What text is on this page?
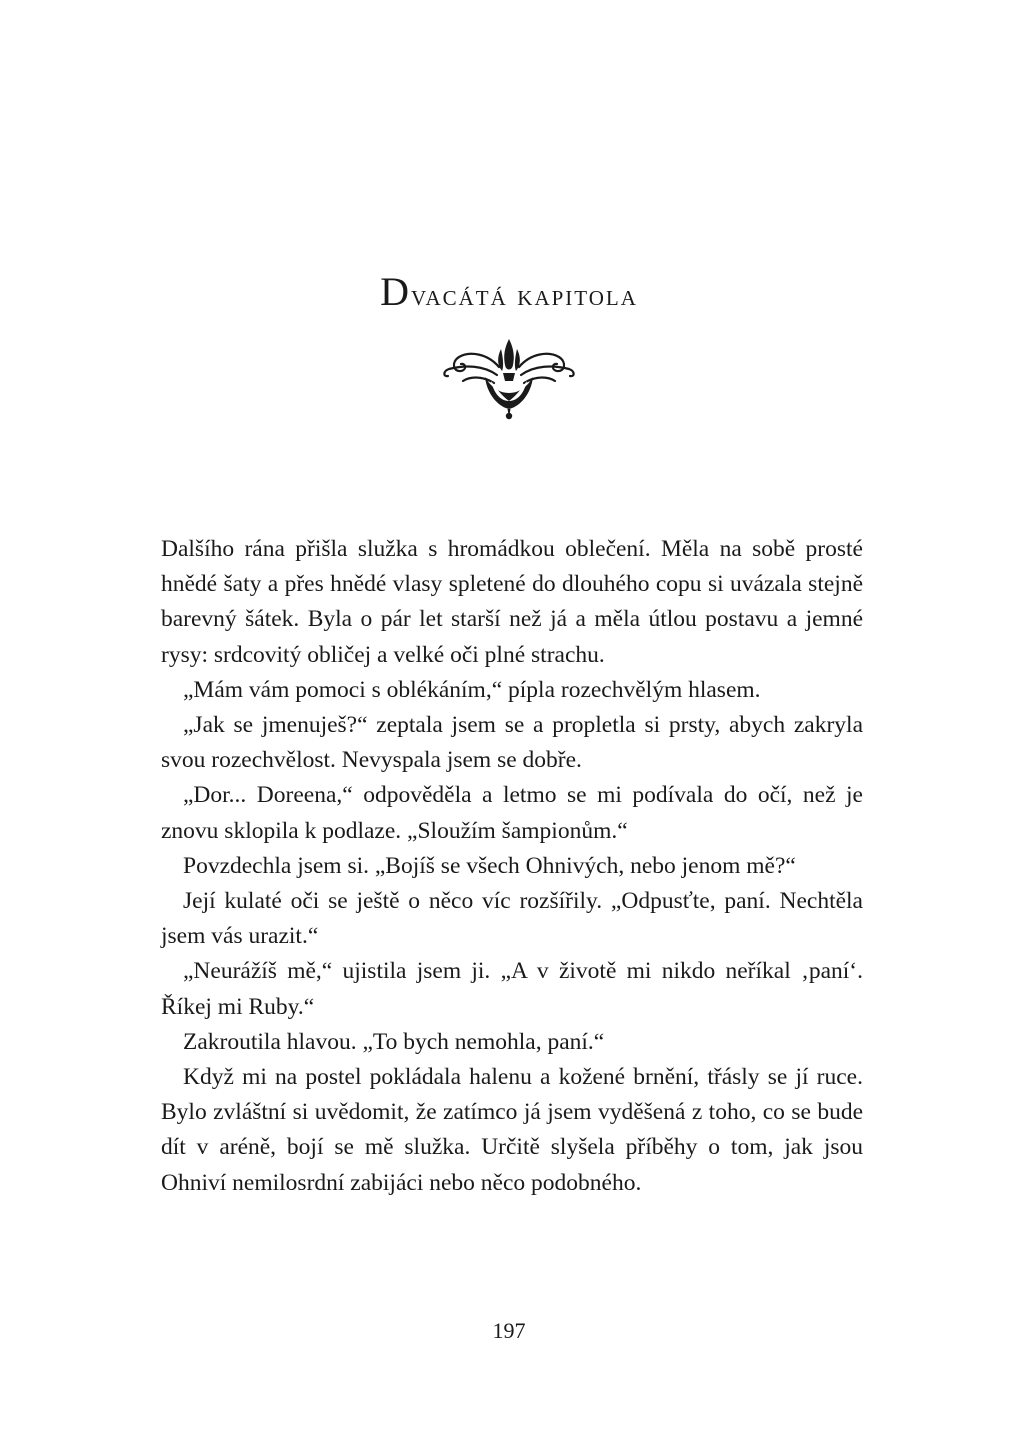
Dvacátá kapitola

Dalšího rána přišla služka s hromádkou oblečení. Měla na sobě prosté hnědé šaty a přes hnědé vlasy spletené do dlouhého copu si uvázala stejně barevný šátek. Byla o pár let starší než já a měla útlou postavu a jemné rysy: srdcovitý obličej a velké oči plné strachu.

„Mám vám pomoci s oblékáním,“ pípla rozechvělým hlasem.

„Jak se jmenuješ?“ zeptala jsem se a propletla si prsty, abych zakryla svou rozechvělost. Nevyspala jsem se dobře.

„Dor... Doreena,“ odpověděla a letmo se mi podívala do očí, než je znovu sklopila k podlaze. „Sloužím šampionům.“

Povzdechla jsem si. „Bojíš se všech Ohnivých, nebo jenom mě?“

Její kulaté oči se ještě o něco víc rozšířily. „Odpusťte, paní. Nechtěla jsem vás urazit.“

„Neurážíš mě,“ ujistila jsem ji. „A v životě mi nikdo neříkal ‚paní‘. Říkej mi Ruby.“

Zakroutila hlavou. „To bych nemohla, paní.“

Když mi na postel pokládala halenu a kožené brnění, třásly se jí ruce. Bylo zvláštní si uvědomit, že zatímco já jsem vyděšená z toho, co se bude dít v aréně, bojí se mě služka. Určitě slyšela příběhy o tom, jak jsou Ohniví nemilosrdní zabijáci nebo něco podobného.

197
